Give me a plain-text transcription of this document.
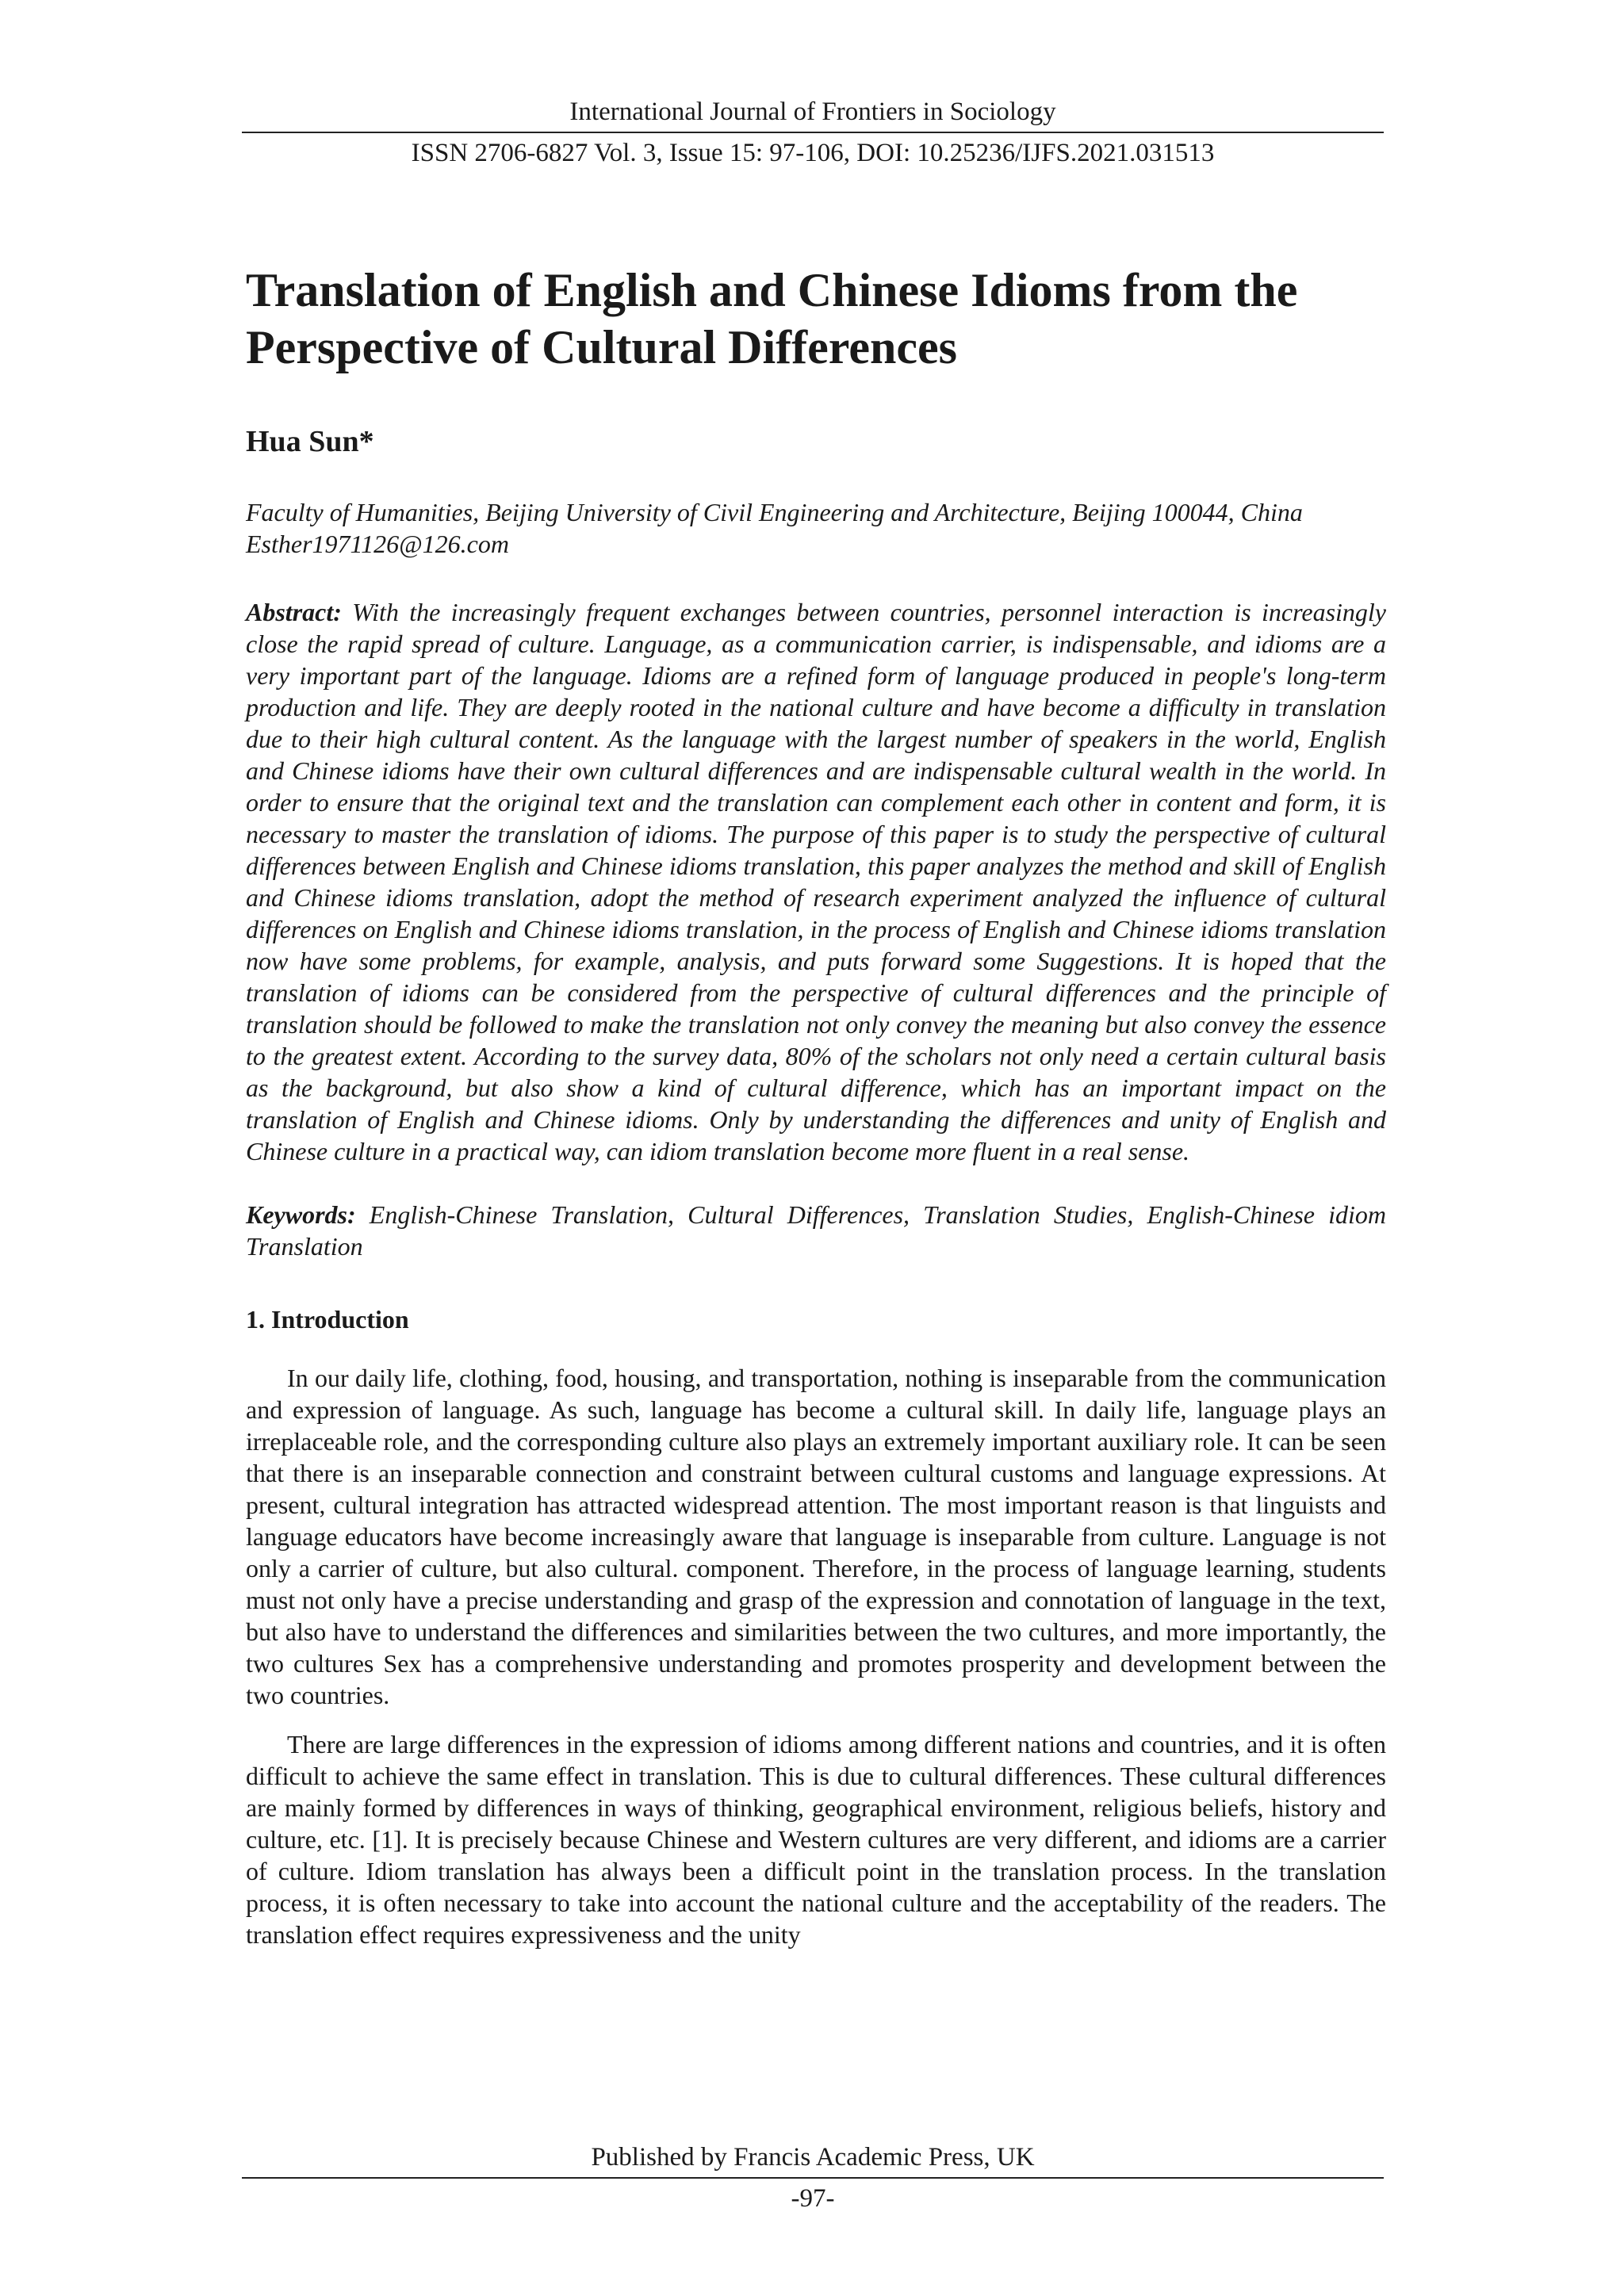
International Journal of Frontiers in Sociology
ISSN 2706-6827 Vol. 3, Issue 15: 97-106, DOI: 10.25236/IJFS.2021.031513
Translation of English and Chinese Idioms from the Perspective of Cultural Differences
Hua Sun*
Faculty of Humanities, Beijing University of Civil Engineering and Architecture, Beijing 100044, China
Esther1971126@126.com
Abstract: With the increasingly frequent exchanges between countries, personnel interaction is increasingly close the rapid spread of culture. Language, as a communication carrier, is indispensable, and idioms are a very important part of the language. Idioms are a refined form of language produced in people's long-term production and life. They are deeply rooted in the national culture and have become a difficulty in translation due to their high cultural content. As the language with the largest number of speakers in the world, English and Chinese idioms have their own cultural differences and are indispensable cultural wealth in the world. In order to ensure that the original text and the translation can complement each other in content and form, it is necessary to master the translation of idioms. The purpose of this paper is to study the perspective of cultural differences between English and Chinese idioms translation, this paper analyzes the method and skill of English and Chinese idioms translation, adopt the method of research experiment analyzed the influence of cultural differences on English and Chinese idioms translation, in the process of English and Chinese idioms translation now have some problems, for example, analysis, and puts forward some Suggestions. It is hoped that the translation of idioms can be considered from the perspective of cultural differences and the principle of translation should be followed to make the translation not only convey the meaning but also convey the essence to the greatest extent. According to the survey data, 80% of the scholars not only need a certain cultural basis as the background, but also show a kind of cultural difference, which has an important impact on the translation of English and Chinese idioms. Only by understanding the differences and unity of English and Chinese culture in a practical way, can idiom translation become more fluent in a real sense.
Keywords: English-Chinese Translation, Cultural Differences, Translation Studies, English-Chinese idiom Translation
1. Introduction
In our daily life, clothing, food, housing, and transportation, nothing is inseparable from the communication and expression of language. As such, language has become a cultural skill. In daily life, language plays an irreplaceable role, and the corresponding culture also plays an extremely important auxiliary role. It can be seen that there is an inseparable connection and constraint between cultural customs and language expressions. At present, cultural integration has attracted widespread attention. The most important reason is that linguists and language educators have become increasingly aware that language is inseparable from culture. Language is not only a carrier of culture, but also cultural. component. Therefore, in the process of language learning, students must not only have a precise understanding and grasp of the expression and connotation of language in the text, but also have to understand the differences and similarities between the two cultures, and more importantly, the two cultures Sex has a comprehensive understanding and promotes prosperity and development between the two countries.
There are large differences in the expression of idioms among different nations and countries, and it is often difficult to achieve the same effect in translation. This is due to cultural differences. These cultural differences are mainly formed by differences in ways of thinking, geographical environment, religious beliefs, history and culture, etc. [1]. It is precisely because Chinese and Western cultures are very different, and idioms are a carrier of culture. Idiom translation has always been a difficult point in the translation process. In the translation process, it is often necessary to take into account the national culture and the acceptability of the readers. The translation effect requires expressiveness and the unity
Published by Francis Academic Press, UK
-97-
